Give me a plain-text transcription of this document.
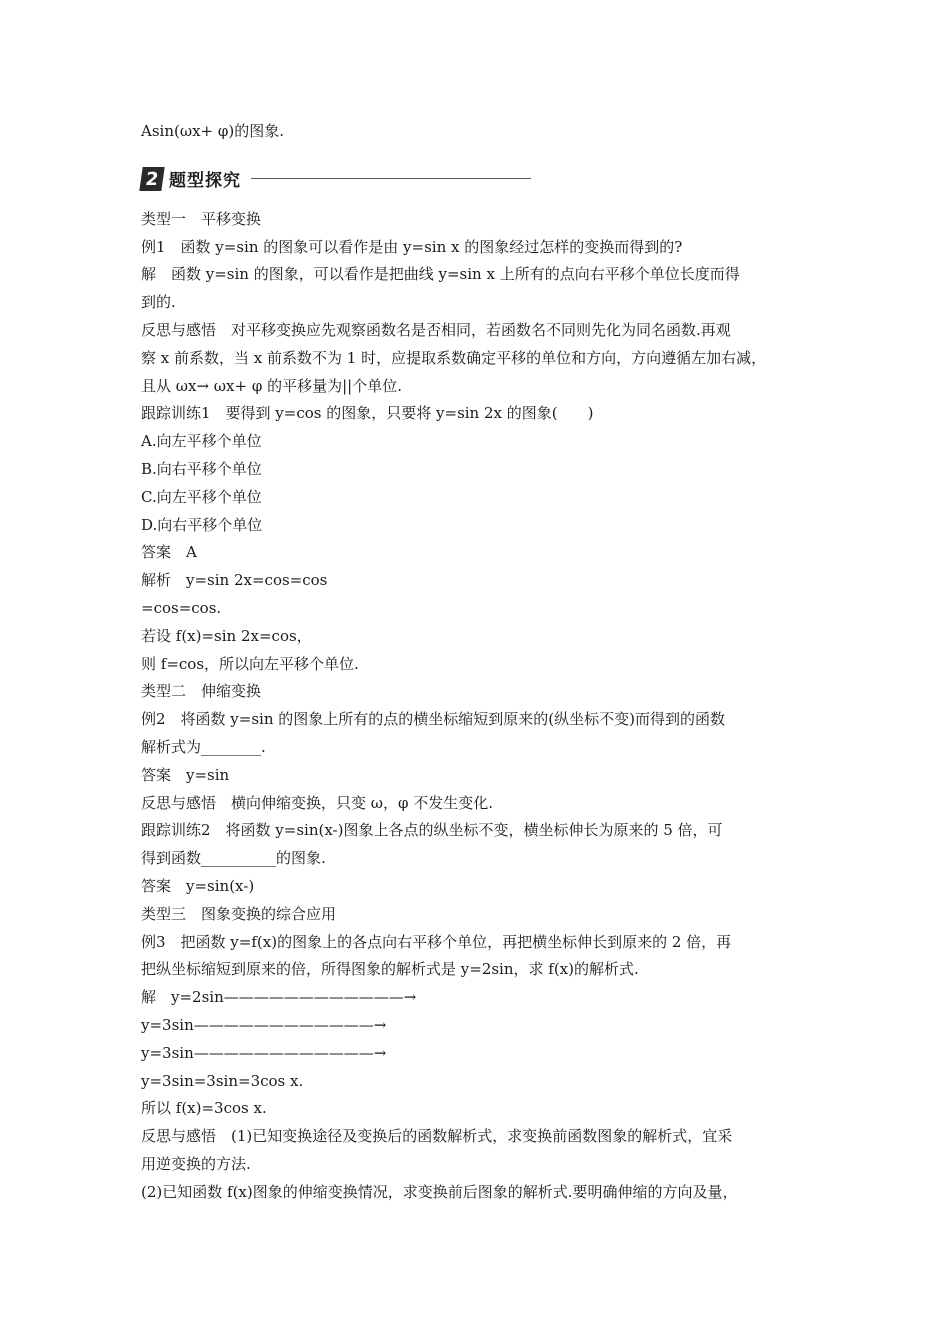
Asin(ωx+ φ)的图象.
2 题型探究
类型一　平移变换
例1　函数 y=sin 的图象可以看作是由 y=sin x 的图象经过怎样的变换而得到的?
解　函数 y=sin 的图象，可以看作是把曲线 y=sin x 上所有的点向右平移个单位长度而得
到的.
反思与感悟　对平移变换应先观察函数名是否相同，若函数名不同则先化为同名函数.再观
察 x 前系数，当 x 前系数不为 1 时，应提取系数确定平移的单位和方向，方向遵循左加右减，
且从 ωx→ ωx+ φ 的平移量为||个单位.
跟踪训练1　要得到 y=cos 的图象，只要将 y=sin 2x 的图象(　　)
A.向左平移个单位
B.向右平移个单位
C.向左平移个单位
D.向右平移个单位
答案　A
解析　y=sin 2x=cos=cos
=cos=cos.
若设 f(x)=sin 2x=cos，
则 f=cos，所以向左平移个单位.
类型二　伸缩变换
例2　将函数 y=sin 的图象上所有的点的横坐标缩短到原来的(纵坐标不变)而得到的函数
解析式为________.
答案　y=sin
反思与感悟　横向伸缩变换，只变 ω，φ 不发生变化.
跟踪训练2　将函数 y=sin(x-)图象上各点的纵坐标不变，横坐标伸长为原来的 5 倍，可
得到函数__________的图象.
答案　y=sin(x-)
类型三　图象变换的综合应用
例3　把函数 y=f(x)的图象上的各点向右平移个单位，再把横坐标伸长到原来的 2 倍，再
把纵坐标缩短到原来的倍，所得图象的解析式是 y=2sin，求 f(x)的解析式.
解　y=2sin————————————→
y=3sin————————————→
y=3sin————————————→
y=3sin=3sin=3cos x.
所以 f(x)=3cos x.
反思与感悟　(1)已知变换途径及变换后的函数解析式，求变换前函数图象的解析式，宜采
用逆变换的方法.
(2)已知函数 f(x)图象的伸缩变换情况，求变换前后图象的解析式.要明确伸缩的方向及量，
